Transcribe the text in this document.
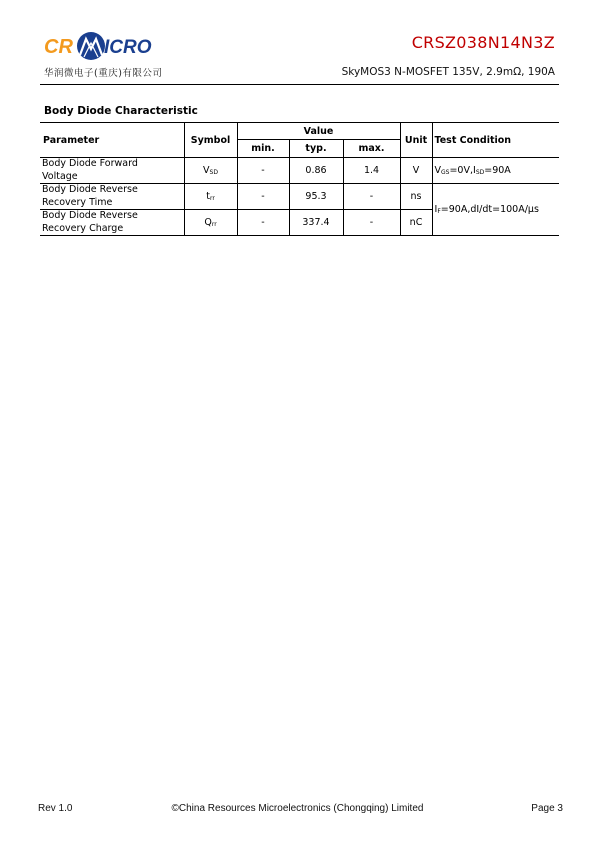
CR ICRO
华润微电子(重庆)有限公司
CRSZ038N14N3Z
SkyMOS3 N-MOSFET 135V, 2.9mΩ, 190A
Body Diode Characteristic
Parameter	Symbol	Value			Unit	Test Condition
		min.	typ.	max.		
Body Diode Forward
Voltage	$V_{SD}$	-	0.86	1.4	V	$V_{GS}=0V,I_{SD}=90A$
Body Diode Reverse
Recovery Time	$t_{rr}$	-	95.3	-	ns	$I_F=90A,dI/dt=100A/\mu s$
Body Diode Reverse
Recovery Charge	$Q_{rr}$	-	337.4	-	nC	
Rev 1.0	©China Resources Microelectronics (Chongqing) Limited	Page 3
